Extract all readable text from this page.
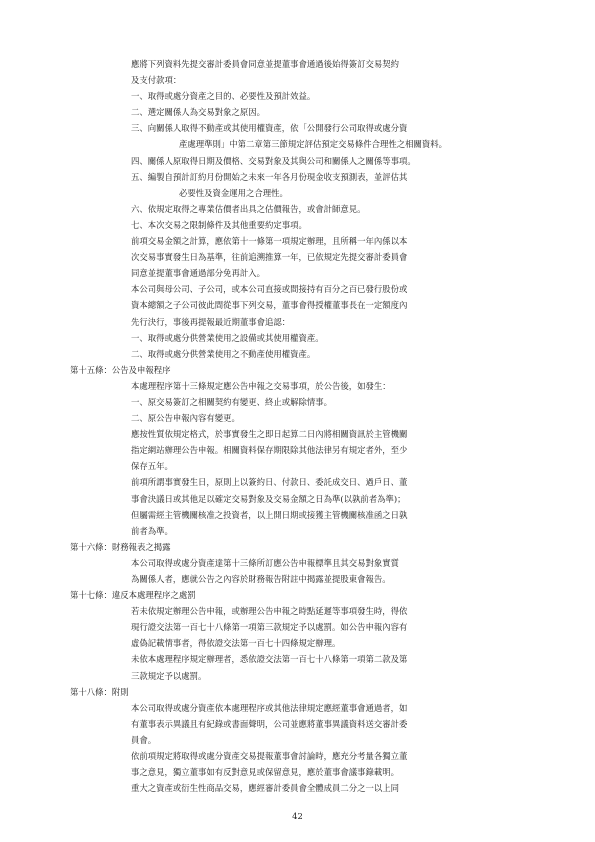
應將下列資料先提交審計委員會同意並提董事會通過後始得簽訂交易契約
及支付款項：
一、取得或處分資產之目的、必要性及預計效益。
二、選定關係人為交易對象之原因。
三、向關係人取得不動產或其使用權資產，依「公開發行公司取得或處分資
產處理準則」中第二章第三節規定評估預定交易條件合理性之相關資料。
四、關係人原取得日期及價格、交易對象及其與公司和關係人之關係等事項。
五、編製自預計訂約月份開始之未來一年各月份現金收支預測表，並評估其
必要性及資金運用之合理性。
六、依規定取得之專業估價者出具之估價報告，或會計師意見。
七、本次交易之限制條件及其他重要約定事項。
前項交易金額之計算，應依第十一條第一項規定辦理，且所稱一年內係以本
次交易事實發生日為基準，往前追溯推算一年，已依規定先提交審計委員會
同意並提董事會通過部分免再計入。
本公司與母公司、子公司，或本公司直接或間接持有百分之百已發行股份或
資本總額之子公司彼此間從事下列交易，董事會得授權董事長在一定額度內
先行決行，事後再提報最近期董事會追認：
一、取得或處分供營業使用之設備或其使用權資產。
二、取得或處分供營業使用之不動產使用權資產。
第十五條：公告及申報程序
本處理程序第十三條規定應公告申報之交易事項，於公告後，如發生：
一、原交易簽訂之相關契約有變更、終止或解除情事。
二、原公告申報內容有變更。
應按性質依規定格式，於事實發生之即日起算二日內將相關資訊於主管機關
指定網站辦理公告申報。相關資料保存期限除其他法律另有規定者外，至少
保存五年。
前項所謂事實發生日，原則上以簽約日、付款日、委託成交日、過戶日、董
事會決議日或其他足以確定交易對象及交易金額之日為準(以孰前者為準)；
但屬需經主管機關核准之投資者，以上開日期或接獲主管機關核准函之日孰
前者為準。
第十六條：財務報表之揭露
本公司取得或處分資產達第十三條所訂應公告申報標準且其交易對象實質
為關係人者，應就公告之內容於財務報告附註中揭露並提股東會報告。
第十七條：違反本處理程序之處罰
若未依規定辦理公告申報，或辦理公告申報之時點延遲等事項發生時，得依
現行證交法第一百七十八條第一項第三款規定予以處罰。如公告申報內容有
虛偽記載情事者，得依證交法第一百七十四條規定辦理。
未依本處理程序規定辦理者，悉依證交法第一百七十八條第一項第二款及第
三款規定予以處罰。
第十八條：附則
本公司取得或處分資產依本處理程序或其他法律規定應經董事會通過者，如
有董事表示異議且有紀錄或書面聲明，公司並應將董事異議資料送交審計委
員會。
依前項規定將取得或處分資產交易提報董事會討論時，應充分考量各獨立董
事之意見，獨立董事如有反對意見或保留意見，應於董事會議事錄載明。
重大之資產或衍生性商品交易，應經審計委員會全體成員二分之一以上同
42
